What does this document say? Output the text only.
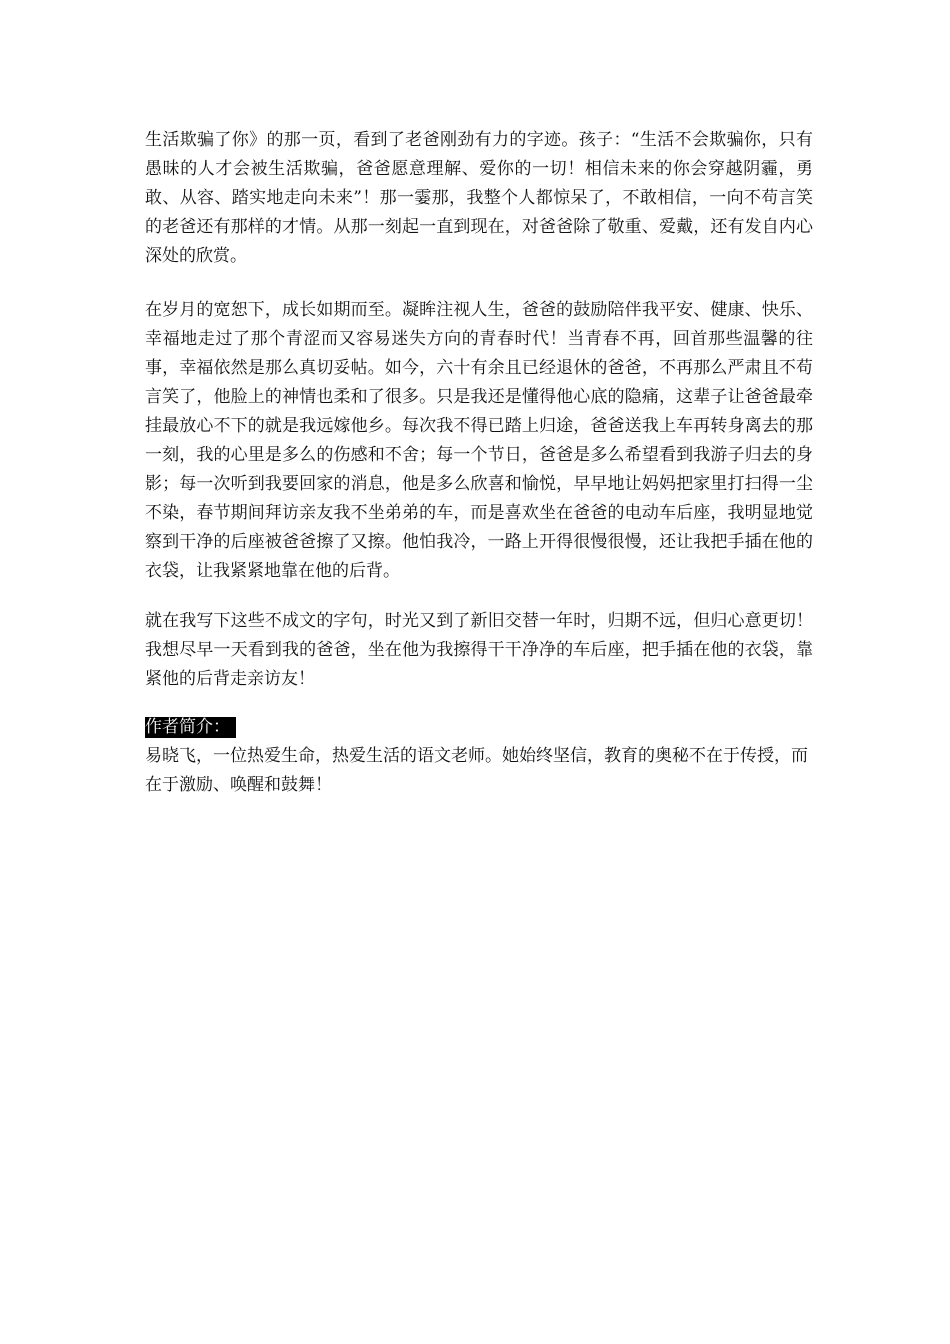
生活欺骗了你》的那一页，看到了老爸刚劲有力的字迹。孩子：“生活不会欺骗你，只有愚昧的人才会被生活欺骗，爸爸愿意理解、爱你的一切！相信未来的你会穿越阴霾，勇敢、从容、踏实地走向未来”！那一霎那，我整个人都惊呆了，不敢相信，一向不苟言笑的老爸还有那样的才情。从那一刻起一直到现在，对爸爸除了敬重、爱戴，还有发自内心深处的欣赏。

在岁月的宽恕下，成长如期而至。凝眸注视人生，爸爸的鼓励陪伴我平安、健康、快乐、幸福地走过了那个青涩而又容易迷失方向的青春时代！当青春不再，回首那些温馨的往事，幸福依然是那么真切妥帖。如今，六十有余且已经退休的爸爸，不再那么严肃且不苟言笑了，他脸上的神情也柔和了很多。只是我还是懂得他心底的隐痛，这辈子让爸爸最牵挂最放心不下的就是我远嫁他乡。每次我不得已踏上归途，爸爸送我上车再转身离去的那一刻，我的心里是多么的伤感和不舍；每一个节日，爸爸是多么希望看到我游子归去的身影；每一次听到我要回家的消息，他是多么欣喜和愉悦，早早地让妈妈把家里打扫得一尘不染，春节期间拜访亲友我不坐弟弟的车，而是喜欢坐在爸爸的电动车后座，我明显地觉察到干净的后座被爸爸擦了又擦。他怕我冷，一路上开得很慢很慢，还让我把手插在他的衣袋，让我紧紧地靠在他的后背。

就在我写下这些不成文的字句，时光又到了新旧交替一年时，归期不远，但归心意更切！我想尽早一天看到我的爸爸，坐在他为我擦得干干净净的车后座，把手插在他的衣袋，靠紧他的后背走亲访友！

作者简介：

易晓飞，一位热爱生命，热爱生活的语文老师。她始终坚信，教育的奥秘不在于传授，而在于激励、唤醒和鼓舞！
